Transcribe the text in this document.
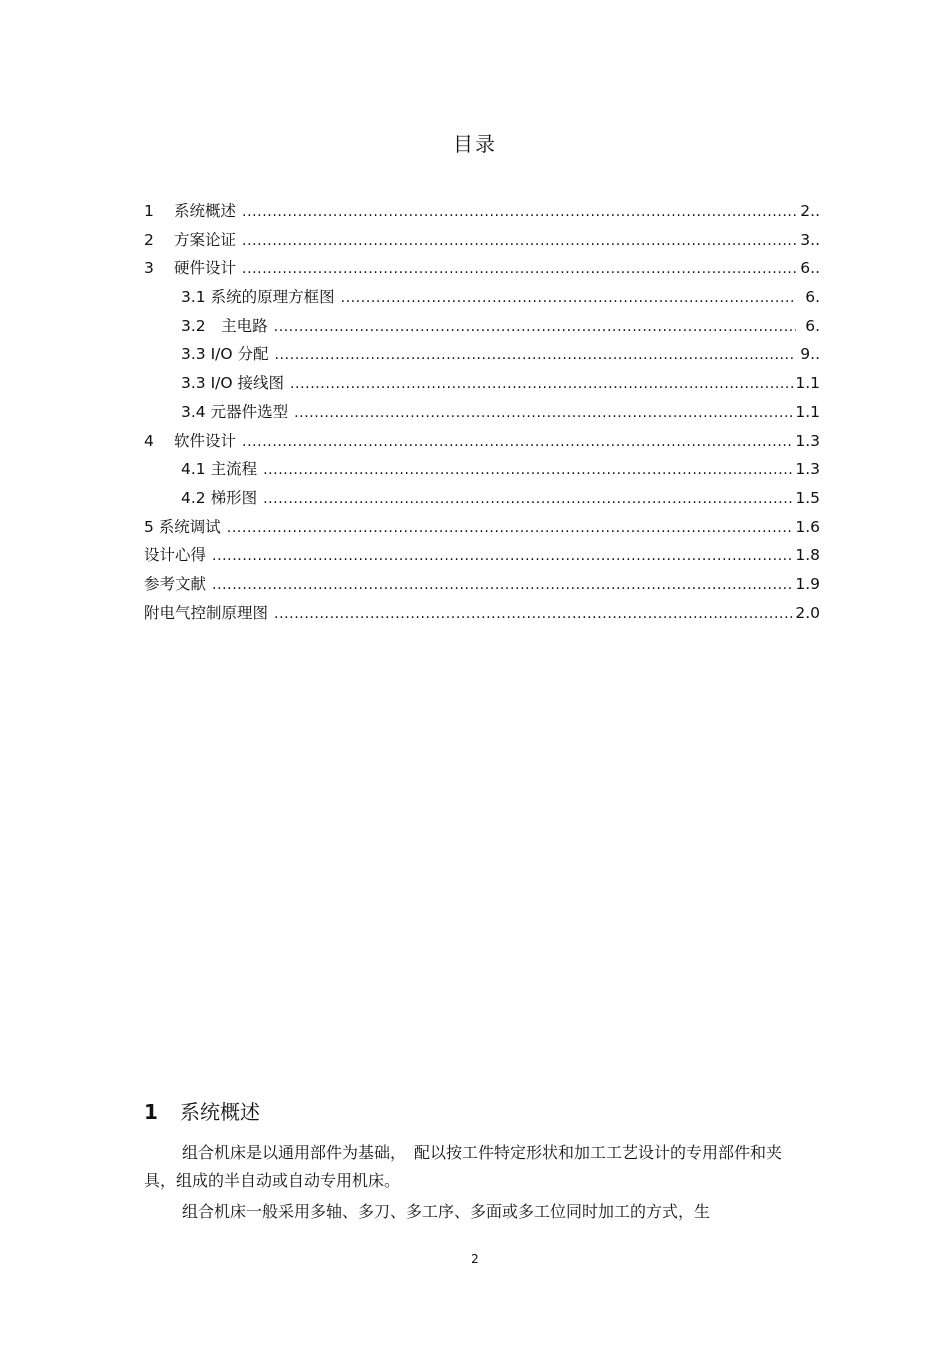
目录
1	系统概述 .....	2..
2	方案论证 .....	3..
3	硬件设计 .....	6..
3.1 系统的原理方框图 .....	6.
3.2　主电路 .....	6.
3.3 I/O 分配 .....	9..
3.3 I/O 接线图 .....	1.1
3.4 元器件选型 .....	1.1
4	软件设计 .....	1.3
4.1 主流程 .....	1.3
4.2 梯形图 .....	1.5
5 系统调试 .....	1.6
设计心得 .....	1.8
参考文献 .....	1.9
附电气控制原理图 .....	2.0
1	系统概述
组合机床是以通用部件为基础，　配以按工件特定形状和加工工艺设计的专用部件和夹具，组成的半自动或自动专用机床。
组合机床一般采用多轴、多刀、多工序、多面或多工位同时加工的方式，生
2
